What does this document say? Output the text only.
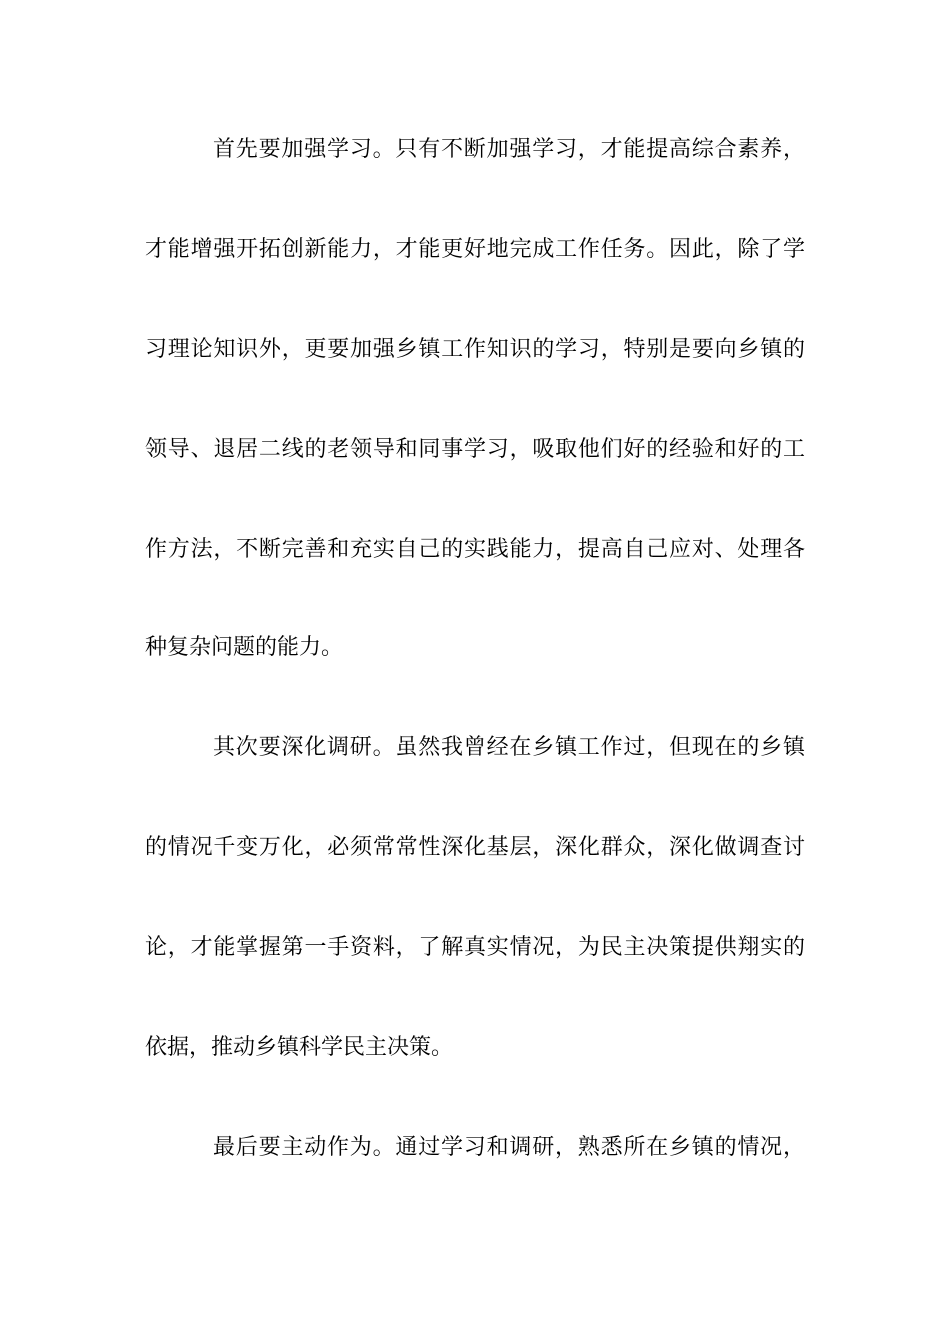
首先要加强学习。只有不断加强学习，才能提高综合素养，
才能增强开拓创新能力，才能更好地完成工作任务。因此，除了学
习理论知识外，更要加强乡镇工作知识的学习，特别是要向乡镇的
领导、退居二线的老领导和同事学习，吸取他们好的经验和好的工
作方法，不断完善和充实自己的实践能力，提高自己应对、处理各
种复杂问题的能力。
其次要深化调研。虽然我曾经在乡镇工作过，但现在的乡镇
的情况千变万化，必须常常性深化基层，深化群众，深化做调查讨
论，才能掌握第一手资料，了解真实情况，为民主决策提供翔实的
依据，推动乡镇科学民主决策。
最后要主动作为。通过学习和调研，熟悉所在乡镇的情况，
